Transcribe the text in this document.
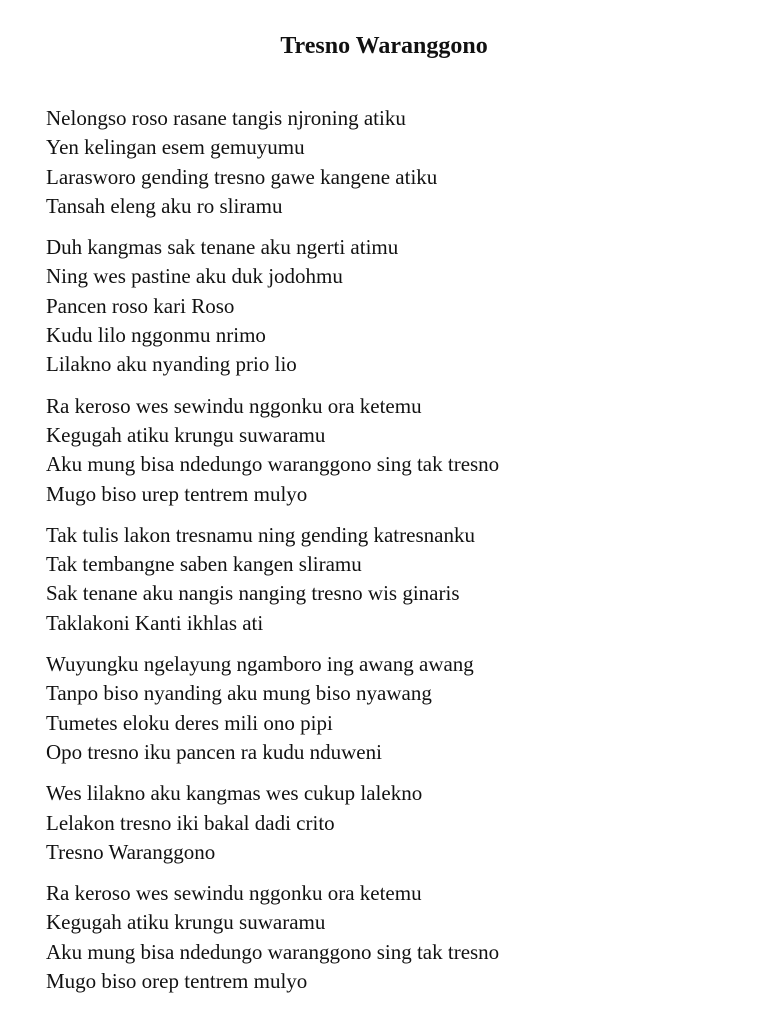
Tresno Waranggono
Nelongso roso rasane tangis njroning atiku
Yen kelingan esem gemuyumu
Larasworo gending tresno gawe kangene atiku
Tansah eleng aku ro sliramu
Duh kangmas sak tenane aku ngerti atimu
Ning wes pastine aku duk jodohmu
Pancen roso kari Roso
Kudu lilo nggonmu nrimo
Lilakno aku nyanding prio lio
Ra keroso wes sewindu nggonku ora ketemu
Kegugah atiku krungu suwaramu
Aku mung bisa ndedungo waranggono sing tak tresno
Mugo biso urep tentrem mulyo
Tak tulis lakon tresnamu ning gending katresnanku
Tak tembangne saben kangen sliramu
Sak tenane aku nangis nanging tresno wis ginaris
Taklakoni Kanti ikhlas ati
Wuyungku ngelayung ngamboro ing awang awang
Tanpo biso nyanding aku mung biso nyawang
Tumetes eloku deres mili ono pipi
Opo tresno iku pancen ra kudu nduweni
Wes lilakno aku kangmas wes cukup lalekno
Lelakon tresno iki bakal dadi crito
Tresno Waranggono
Ra keroso wes sewindu nggonku ora ketemu
Kegugah atiku krungu suwaramu
Aku mung bisa ndedungo waranggono sing tak tresno
Mugo biso orep tentrem mulyo
